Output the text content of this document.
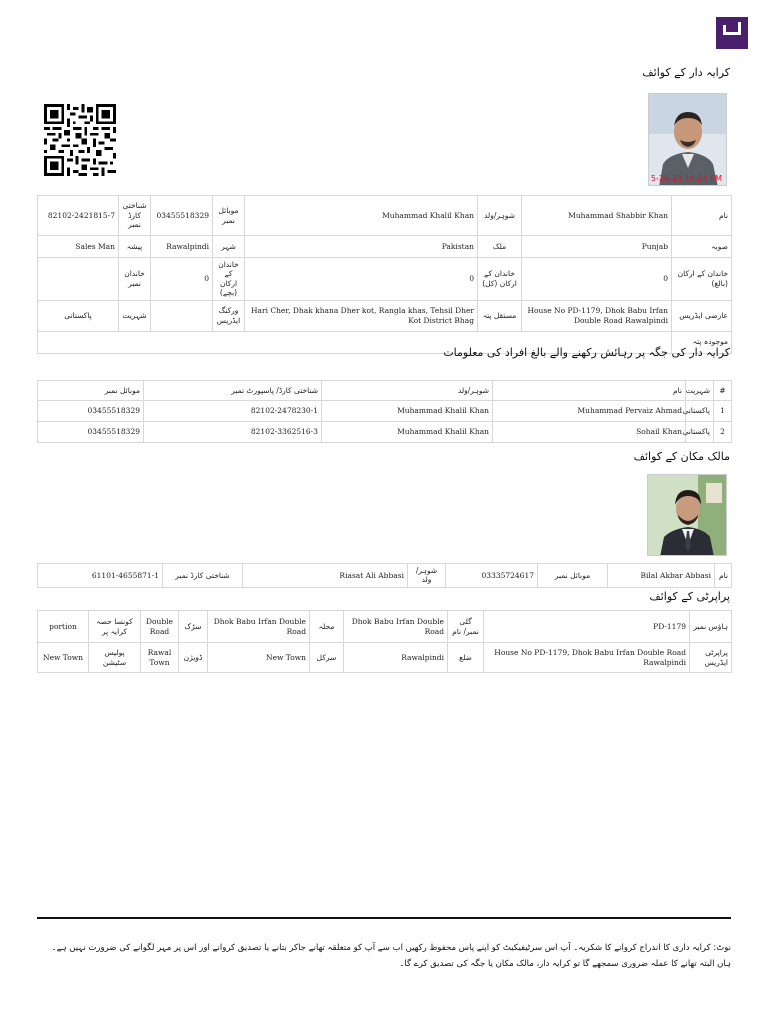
کرایہ دار کے کوائف
5-26-23 14:24 PM
82102-2421815-7	شناختی کارڈ نمبر	03455518329	موبائل نمبر	Muhammad Khalil Khan	شوہر/ولد	Muhammad Shabbir Khan	نام
Sales Man	پیشہ	Rawalpindi	شہر	Pakistan	ملک	Punjab	صوبہ
	خاندان نمبر	0	خاندان کے ارکان (بچے)	0	خاندان کے ارکان (کل)	0	خاندان کے ارکان (بالغ)
پاکستانی	شہریت		ورکنگ ایڈریس	Hari Cher, Dhak khana Dher kot, Rangla khas, Tehsil Dher Kot District Bhag	مستقل پتہ	House No PD-1179, Dhok Babu Irfan Double Road Rawalpindi	عارضی ایڈریس
							موجودہ پتہ
کرایہ دار کی جگہ پر رہائش رکھنے والے بالغ افراد کی معلومات
موبائل نمبر	شناختی کارڈ/ پاسپورٹ نمبر	شوہر/ولد	نام	شہریت	#
03455518329	82102-2478230-1	Muhammad Khalil Khan	Muhammad Pervaiz Ahmad	پاکستانی	1
03455518329	82102-3362516-3	Muhammad Khalil Khan	Sohail Khan	پاکستانی	2
مالک مکان کے کوائف
61101-4655871-1	شناختی کارڈ نمبر	Riasat Ali Abbasi	شوہر/ولد	03335724617	موبائل نمبر	Bilal Akbar Abbasi	نام
پراپرٹی کے کوائف
portion	کونسا حصہ کرایہ پر	Double Road	سڑک	Dhok Babu Irfan Double Road	محلہ	Dhok Babu Irfan Double Road	گلی نمبر/ نام	PD-1179	ہاؤس نمبر
New Town	پولیس سٹیشن	Rawal Town	ڈویژن	New Town	سرکل	Rawalpindi	ضلع	House No PD-1179, Dhok Babu Irfan Double Road Rawalpindi	پراپرٹی ایڈریس
نوٹ: کرایہ داری کا اندراج کروانے کا شکریہ۔ آپ اس سرٹیفیکیٹ کو اپنے پاس محفوظ رکھیں اب سے آپ کو متعلقہ تھانے جاکر بتانے یا تصدیق کروانے اور اس پر مہر لگوانے کی ضرورت نہیں ہے۔ ہاں البتہ تھانے کا عملہ ضروری سمجھے گا تو کرایہ دار، مالک مکان یا جگہ کی تصدیق کرے گا۔
